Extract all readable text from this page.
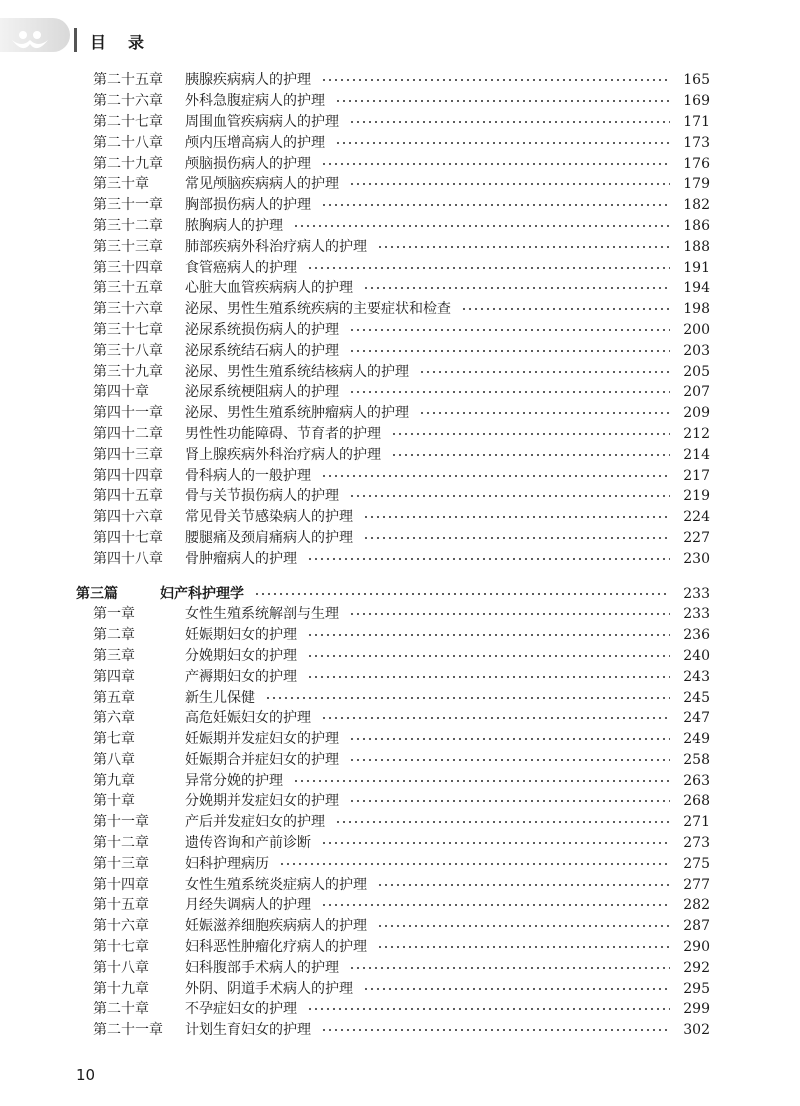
目录
第二十五章	胰腺疾病病人的护理	165
第二十六章	外科急腹症病人的护理	169
第二十七章	周围血管疾病病人的护理	171
第二十八章	颅内压增高病人的护理	173
第二十九章	颅脑损伤病人的护理	176
第三十章	常见颅脑疾病病人的护理	179
第三十一章	胸部损伤病人的护理	182
第三十二章	脓胸病人的护理	186
第三十三章	肺部疾病外科治疗病人的护理	188
第三十四章	食管癌病人的护理	191
第三十五章	心脏大血管疾病病人的护理	194
第三十六章	泌尿、男性生殖系统疾病的主要症状和检查	198
第三十七章	泌尿系统损伤病人的护理	200
第三十八章	泌尿系统结石病人的护理	203
第三十九章	泌尿、男性生殖系统结核病人的护理	205
第四十章	泌尿系统梗阻病人的护理	207
第四十一章	泌尿、男性生殖系统肿瘤病人的护理	209
第四十二章	男性性功能障碍、节育者的护理	212
第四十三章	肾上腺疾病外科治疗病人的护理	214
第四十四章	骨科病人的一般护理	217
第四十五章	骨与关节损伤病人的护理	219
第四十六章	常见骨关节感染病人的护理	224
第四十七章	腰腿痛及颈肩痛病人的护理	227
第四十八章	骨肿瘤病人的护理	230
第三篇	妇产科护理学	233
第一章	女性生殖系统解剖与生理	233
第二章	妊娠期妇女的护理	236
第三章	分娩期妇女的护理	240
第四章	产褥期妇女的护理	243
第五章	新生儿保健	245
第六章	高危妊娠妇女的护理	247
第七章	妊娠期并发症妇女的护理	249
第八章	妊娠期合并症妇女的护理	258
第九章	异常分娩的护理	263
第十章	分娩期并发症妇女的护理	268
第十一章	产后并发症妇女的护理	271
第十二章	遗传咨询和产前诊断	273
第十三章	妇科护理病历	275
第十四章	女性生殖系统炎症病人的护理	277
第十五章	月经失调病人的护理	282
第十六章	妊娠滋养细胞疾病病人的护理	287
第十七章	妇科恶性肿瘤化疗病人的护理	290
第十八章	妇科腹部手术病人的护理	292
第十九章	外阴、阴道手术病人的护理	295
第二十章	不孕症妇女的护理	299
第二十一章	计划生育妇女的护理	302
10
